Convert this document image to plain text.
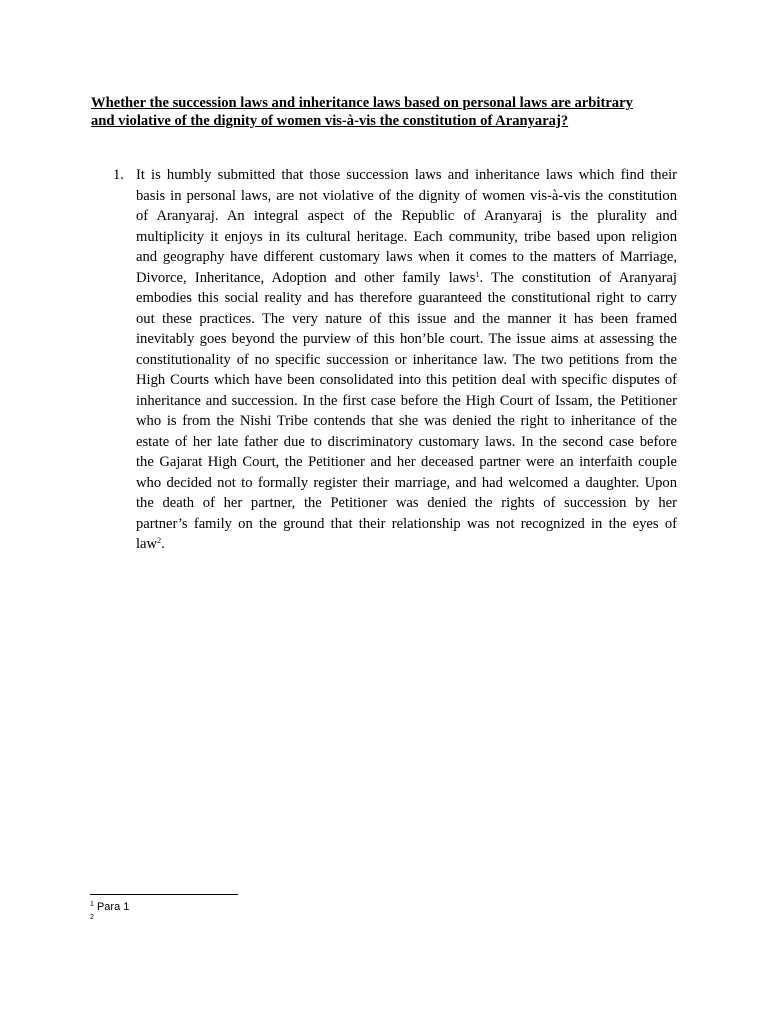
Whether the succession laws and inheritance laws based on personal laws are arbitrary
and violative of the dignity of women vis-à-vis the constitution of Aranyaraj?

1. It is humbly submitted that those succession laws and inheritance laws which find their
basis in personal laws, are not violative of the dignity of women vis-à-vis the constitution
of Aranyaraj. An integral aspect of the Republic of Aranyaraj is the plurality and
multiplicity it enjoys in its cultural heritage. Each community, tribe based upon religion
and geography have different customary laws when it comes to the matters of Marriage,
Divorce, Inheritance, Adoption and other family laws$^1$. The constitution of Aranyaraj
embodies this social reality and has therefore guaranteed the constitutional right to carry
out these practices. The very nature of this issue and the manner it has been framed
inevitably goes beyond the purview of this hon’ble court. The issue aims at assessing the
constitutionality of no specific succession or inheritance law. The two petitions from the
High Courts which have been consolidated into this petition deal with specific disputes of
inheritance and succession. In the first case before the High Court of Issam, the Petitioner
who is from the Nishi Tribe contends that she was denied the right to inheritance of the
estate of her late father due to discriminatory customary laws. In the second case before
the Gajarat High Court, the Petitioner and her deceased partner were an interfaith couple
who decided not to formally register their marriage, and had welcomed a daughter. Upon
the death of her partner, the Petitioner was denied the rights of succession by her
partner’s family on the ground that their relationship was not recognized in the eyes of
law$^2$.

$^1$ Para 1
$^2$
